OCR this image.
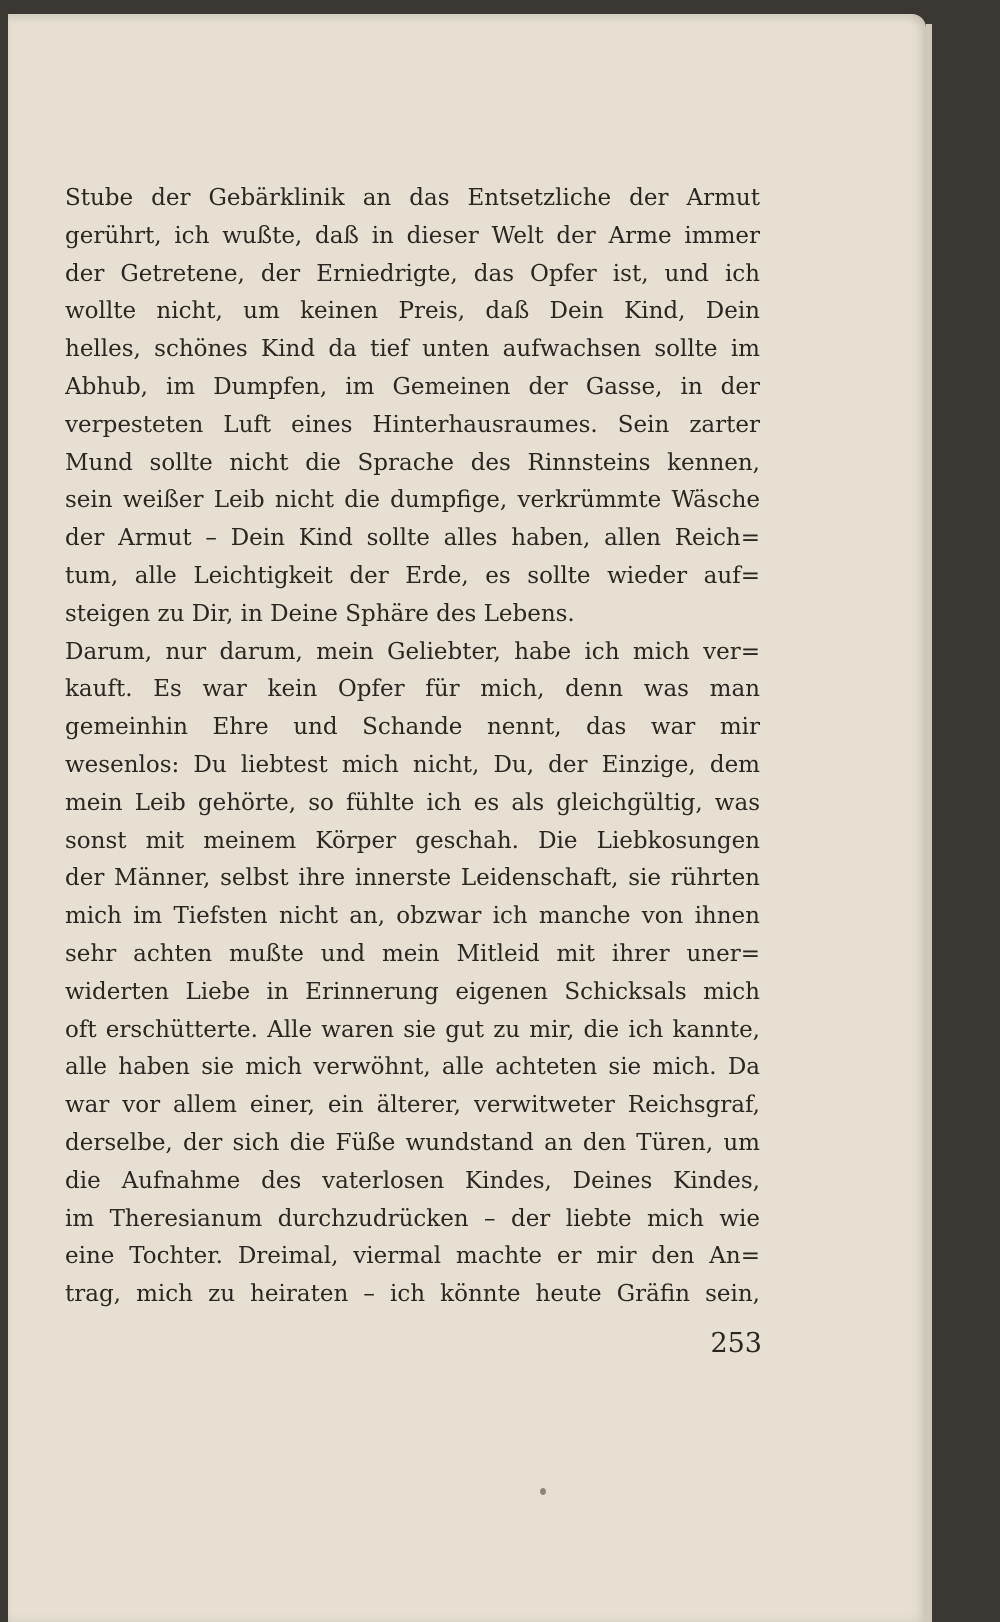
Stube der Gebärklinik an das Entsetzliche der Armut
gerührt, ich wußte, daß in dieser Welt der Arme immer
der Getretene, der Erniedrigte, das Opfer ist, und ich
wollte nicht, um keinen Preis, daß Dein Kind, Dein
helles, schönes Kind da tief unten aufwachsen sollte im
Abhub, im Dumpfen, im Gemeinen der Gasse, in der
verpesteten Luft eines Hinterhausraumes. Sein zarter
Mund sollte nicht die Sprache des Rinnsteins kennen,
sein weißer Leib nicht die dumpfige, verkrümmte Wäsche
der Armut – Dein Kind sollte alles haben, allen Reich=
tum, alle Leichtigkeit der Erde, es sollte wieder auf=
steigen zu Dir, in Deine Sphäre des Lebens.
Darum, nur darum, mein Geliebter, habe ich mich ver=
kauft. Es war kein Opfer für mich, denn was man
gemeinhin Ehre und Schande nennt, das war mir
wesenlos: Du liebtest mich nicht, Du, der Einzige, dem
mein Leib gehörte, so fühlte ich es als gleichgültig, was
sonst mit meinem Körper geschah. Die Liebkosungen
der Männer, selbst ihre innerste Leidenschaft, sie rührten
mich im Tiefsten nicht an, obzwar ich manche von ihnen
sehr achten mußte und mein Mitleid mit ihrer uner=
widerten Liebe in Erinnerung eigenen Schicksals mich
oft erschütterte. Alle waren sie gut zu mir, die ich kannte,
alle haben sie mich verwöhnt, alle achteten sie mich. Da
war vor allem einer, ein älterer, verwitweter Reichsgraf,
derselbe, der sich die Füße wundstand an den Türen, um
die Aufnahme des vaterlosen Kindes, Deines Kindes,
im Theresianum durchzudrücken – der liebte mich wie
eine Tochter. Dreimal, viermal machte er mir den An=
trag, mich zu heiraten – ich könnte heute Gräfin sein,
253
